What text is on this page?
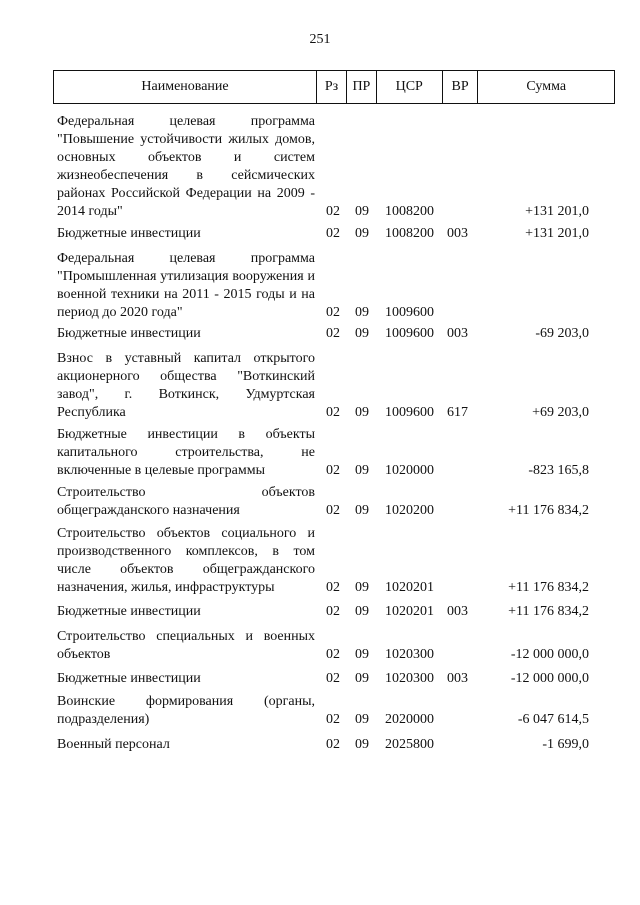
251
Наименование	Рз	ПР	ЦСР	ВР	Сумма
Федеральная целевая программа "Повышение устойчивости жилых домов, основных объектов и систем жизнеобеспечения в сейсмических районах Российской Федерации на 2009 - 2014 годы"	02 09 1008200	+131 201,0
Бюджетные инвестиции	02 09 1008200 003	+131 201,0
Федеральная целевая программа "Промышленная утилизация вооружения и военной техники на 2011 - 2015 годы и на период до 2020 года"	02 09 1009600
Бюджетные инвестиции	02 09 1009600 003	-69 203,0
Взнос в уставный капитал открытого акционерного общества "Воткинский завод", г. Воткинск, Удмуртская Республика	02 09 1009600 617	+69 203,0
Бюджетные инвестиции в объекты капитального строительства, не включенные в целевые программы	02 09 1020000	-823 165,8
Строительство объектов общегражданского назначения	02 09 1020200	+11 176 834,2
Строительство объектов социального и производственного комплексов, в том числе объектов общегражданского назначения, жилья, инфраструктуры	02 09 1020201	+11 176 834,2
Бюджетные инвестиции	02 09 1020201 003	+11 176 834,2
Строительство специальных и военных объектов	02 09 1020300	-12 000 000,0
Бюджетные инвестиции	02 09 1020300 003	-12 000 000,0
Воинские формирования (органы, подразделения)	02 09 2020000	-6 047 614,5
Военный персонал	02 09 2025800	-1 699,0
